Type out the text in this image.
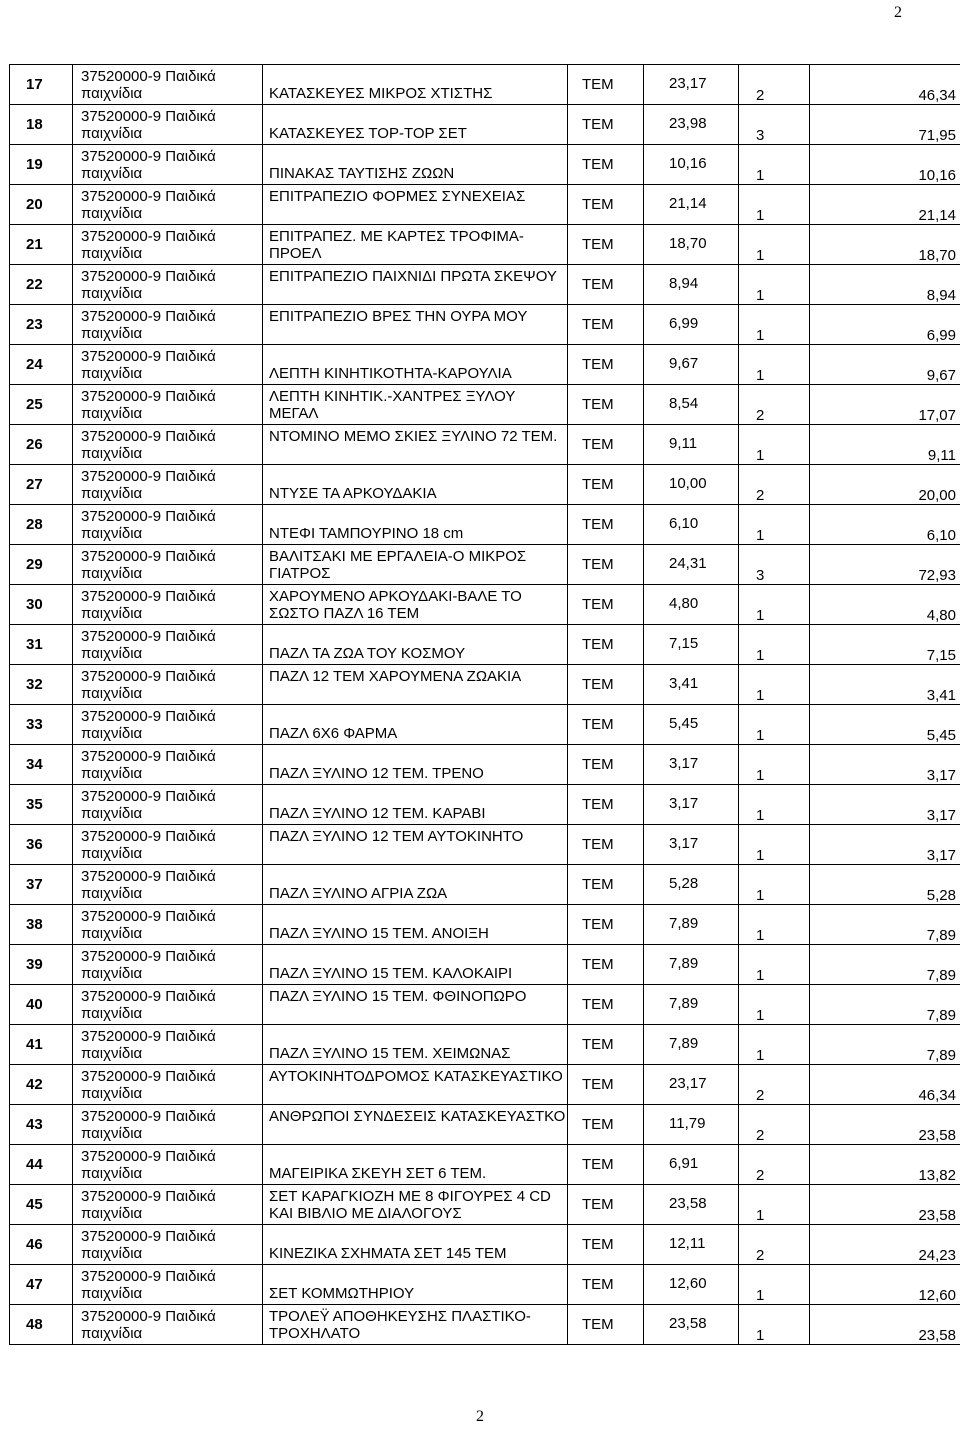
2
17	37520000-9 Παιδικά
παιχνίδια	ΚΑΤΑΣΚΕΥΕΣ ΜΙΚΡΟΣ ΧΤΙΣΤΗΣ	ΤΕΜ	23,17	2	46,34

18	37520000-9 Παιδικά
παιχνίδια	ΚΑΤΑΣΚΕΥΕΣ ΤΟΡ-ΤΟΡ ΣΕΤ	ΤΕΜ	23,98	3	71,95

19	37520000-9 Παιδικά
παιχνίδια	ΠΙΝΑΚΑΣ ΤΑΥΤΙΣΗΣ ΖΩΩΝ	ΤΕΜ	10,16	1	10,16

20	37520000-9 Παιδικά
παιχνίδια	ΕΠΙΤΡΑΠΕΖΙΟ ΦΟΡΜΕΣ ΣΥΝΕΧΕΙΑΣ	ΤΕΜ	21,14	1	21,14

21	37520000-9 Παιδικά
παιχνίδια	ΕΠΙΤΡΑΠΕΖ. ΜΕ ΚΑΡΤΕΣ ΤΡΟΦΙΜΑ-ΠΡΟΕΛ	ΤΕΜ	18,70	1	18,70

22	37520000-9 Παιδικά
παιχνίδια	ΕΠΙΤΡΑΠΕΖΙΟ ΠΑΙΧΝΙΔΙ ΠΡΩΤΑ ΣΚΕΨΟΥ	ΤΕΜ	8,94	1	8,94

23	37520000-9 Παιδικά
παιχνίδια	ΕΠΙΤΡΑΠΕΖΙΟ ΒΡΕΣ ΤΗΝ ΟΥΡΑ ΜΟΥ	ΤΕΜ	6,99	1	6,99

24	37520000-9 Παιδικά
παιχνίδια	ΛΕΠΤΗ ΚΙΝΗΤΙΚΟΤΗΤΑ-ΚΑΡΟΥΛΙΑ	ΤΕΜ	9,67	1	9,67

25	37520000-9 Παιδικά
παιχνίδια	ΛΕΠΤΗ ΚΙΝΗΤΙΚ.-ΧΑΝΤΡΕΣ ΞΥΛΟΥ ΜΕΓΑΛ	ΤΕΜ	8,54	2	17,07

26	37520000-9 Παιδικά
παιχνίδια	ΝΤΟΜΙΝΟ ΜΕΜΟ ΣΚΙΕΣ ΞΥΛΙΝΟ 72 ΤΕΜ.	ΤΕΜ	9,11	1	9,11

27	37520000-9 Παιδικά
παιχνίδια	ΝΤΥΣΕ ΤΑ ΑΡΚΟΥΔΑΚΙΑ	ΤΕΜ	10,00	2	20,00

28	37520000-9 Παιδικά
παιχνίδια	ΝΤΕΦΙ ΤΑΜΠΟΥΡΙΝΟ 18 cm	ΤΕΜ	6,10	1	6,10

29	37520000-9 Παιδικά
παιχνίδια	ΒΑΛΙΤΣΑΚΙ ΜΕ ΕΡΓΑΛΕΙΑ-Ο ΜΙΚΡΟΣ ΓΙΑΤΡΟΣ	ΤΕΜ	24,31	3	72,93

30	37520000-9 Παιδικά
παιχνίδια	ΧΑΡΟΥΜΕΝΟ ΑΡΚΟΥΔΑΚΙ-ΒΑΛΕ ΤΟ ΣΩΣΤΟ ΠΑΖΛ 16 ΤΕΜ	ΤΕΜ	4,80	1	4,80

31	37520000-9 Παιδικά
παιχνίδια	ΠΑΖΛ ΤΑ ΖΩΑ ΤΟΥ ΚΟΣΜΟΥ	ΤΕΜ	7,15	1	7,15

32	37520000-9 Παιδικά
παιχνίδια	ΠΑΖΛ 12 ΤΕΜ ΧΑΡΟΥΜΕΝΑ ΖΩΑΚΙΑ	ΤΕΜ	3,41	1	3,41

33	37520000-9 Παιδικά
παιχνίδια	ΠΑΖΛ 6Χ6 ΦΑΡΜΑ	ΤΕΜ	5,45	1	5,45

34	37520000-9 Παιδικά
παιχνίδια	ΠΑΖΛ ΞΥΛΙΝΟ 12 ΤΕΜ. ΤΡΕΝΟ	ΤΕΜ	3,17	1	3,17

35	37520000-9 Παιδικά
παιχνίδια	ΠΑΖΛ ΞΥΛΙΝΟ 12 ΤΕΜ. ΚΑΡΑΒΙ	ΤΕΜ	3,17	1	3,17

36	37520000-9 Παιδικά
παιχνίδια	ΠΑΖΛ ΞΥΛΙΝΟ 12 ΤΕΜ ΑΥΤΟΚΙΝΗΤΟ	ΤΕΜ	3,17	1	3,17

37	37520000-9 Παιδικά
παιχνίδια	ΠΑΖΛ ΞΥΛΙΝΟ ΑΓΡΙΑ ΖΩΑ	ΤΕΜ	5,28	1	5,28

38	37520000-9 Παιδικά
παιχνίδια	ΠΑΖΛ ΞΥΛΙΝΟ 15 ΤΕΜ. ΑΝΟΙΞΗ	ΤΕΜ	7,89	1	7,89

39	37520000-9 Παιδικά
παιχνίδια	ΠΑΖΛ ΞΥΛΙΝΟ 15 ΤΕΜ. ΚΑΛΟΚΑΙΡΙ	ΤΕΜ	7,89	1	7,89

40	37520000-9 Παιδικά
παιχνίδια	ΠΑΖΛ ΞΥΛΙΝΟ 15 ΤΕΜ. ΦΘΙΝΟΠΩΡΟ	ΤΕΜ	7,89	1	7,89

41	37520000-9 Παιδικά
παιχνίδια	ΠΑΖΛ ΞΥΛΙΝΟ 15 ΤΕΜ. ΧΕΙΜΩΝΑΣ	ΤΕΜ	7,89	1	7,89

42	37520000-9 Παιδικά
παιχνίδια	ΑΥΤΟΚΙΝΗΤΟΔΡΟΜΟΣ ΚΑΤΑΣΚΕΥΑΣΤΙΚΟ	ΤΕΜ	23,17	2	46,34

43	37520000-9 Παιδικά
παιχνίδια	ΑΝΘΡΩΠΟΙ ΣΥΝΔΕΣΕΙΣ ΚΑΤΑΣΚΕΥΑΣΤΚΟ	ΤΕΜ	11,79	2	23,58

44	37520000-9 Παιδικά
παιχνίδια	ΜΑΓΕΙΡΙΚΑ ΣΚΕΥΗ ΣΕΤ 6 ΤΕΜ.	ΤΕΜ	6,91	2	13,82

45	37520000-9 Παιδικά
παιχνίδια	ΣΕΤ ΚΑΡΑΓΚΙΟΖΗ ΜΕ 8 ΦΙΓΟΥΡΕΣ 4 CD ΚΑΙ ΒΙΒΛΙΟ ΜΕ ΔΙΑΛΟΓΟΥΣ	ΤΕΜ	23,58	1	23,58

46	37520000-9 Παιδικά
παιχνίδια	ΚΙΝΕΖΙΚΑ ΣΧΗΜΑΤΑ ΣΕΤ 145 ΤΕΜ	ΤΕΜ	12,11	2	24,23

47	37520000-9 Παιδικά
παιχνίδια	ΣΕΤ ΚΟΜΜΩΤΗΡΙΟΥ	ΤΕΜ	12,60	1	12,60

48	37520000-9 Παιδικά
παιχνίδια	ΤΡΟΛΕΫ ΑΠΟΘΗΚΕΥΣΗΣ ΠΛΑΣΤΙΚΟ-ΤΡΟΧΗΛΑΤΟ	ΤΕΜ	23,58	1	23,58
2
